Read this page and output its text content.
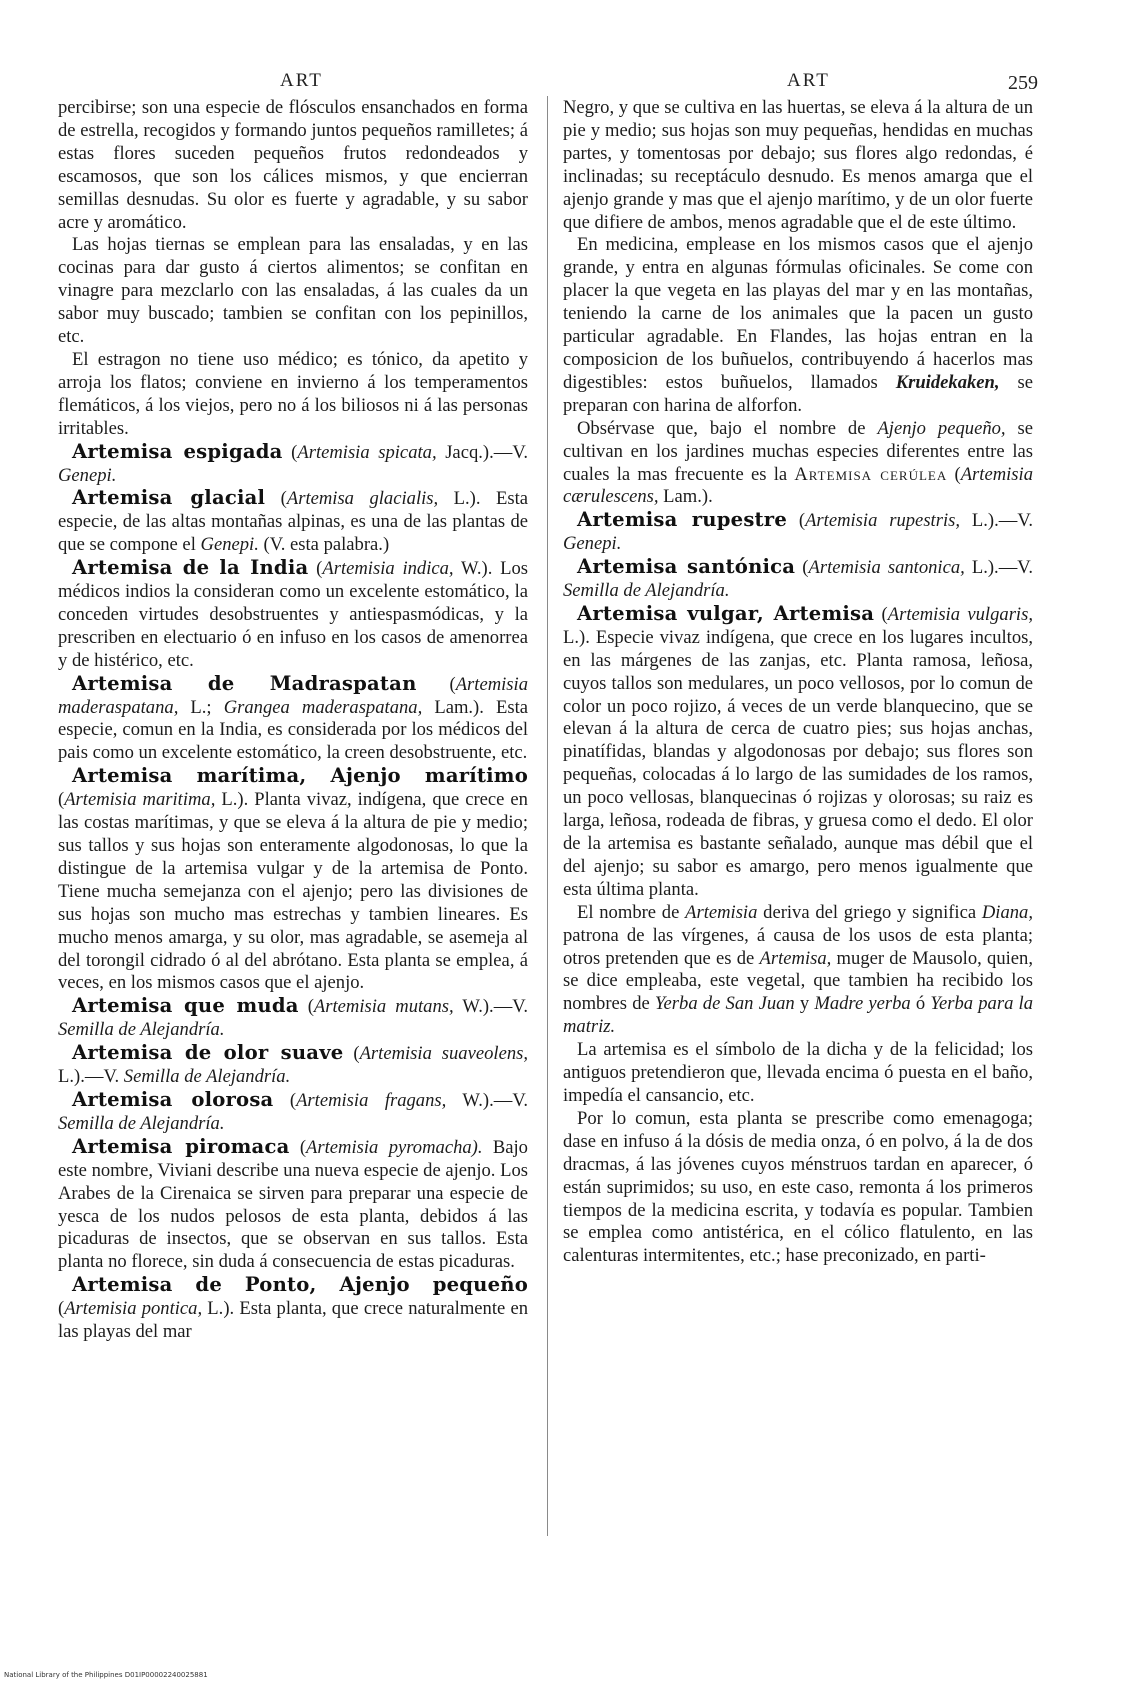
ART	ART	259

percibirse; son una especie de flósculos ensanchados en forma de estrella, recogidos y formando juntos pequeños ramilletes; á estas flores suceden pequeños frutos redondeados y escamosos, que son los cálices mismos, y que encierran semillas desnudas. Su olor es fuerte y agradable, y su sabor acre y aromático.

Las hojas tiernas se emplean para las ensaladas, y en las cocinas para dar gusto á ciertos alimentos; se confitan en vinagre para mezclarlo con las ensaladas, á las cuales da un sabor muy buscado; tambien se confitan con los pepinillos, etc.

El estragon no tiene uso médico; es tónico, da apetito y arroja los flatos; conviene en invierno á los temperamentos flemáticos, á los viejos, pero no á los biliosos ni á las personas irritables.

Artemisa espigada (Artemisia spicata, Jacq.).—V. Genepi.

Artemisa glacial (Artemisa glacialis, L.). Esta especie, de las altas montañas alpinas, es una de las plantas de que se compone el Genepi. (V. esta palabra.)

Artemisa de la India (Artemisia indica, W.). Los médicos indios la consideran como un excelente estomático, la conceden virtudes desobstruentes y antiespasmódicas, y la prescriben en electuario ó en infuso en los casos de amenorrea y de histérico, etc.

Artemisa de Madraspatan (Artemisia maderaspatana, L.; Grangea maderaspatana, Lam.). Esta especie, comun en la India, es considerada por los médicos del pais como un excelente estomático, la creen desobstruente, etc.

Artemisa marítima, Ajenjo marítimo (Artemisia maritima, L.). Planta vivaz, indígena, que crece en las costas marítimas, y que se eleva á la altura de pie y medio; sus tallos y sus hojas son enteramente algodonosas, lo que la distingue de la artemisa vulgar y de la artemisa de Ponto. Tiene mucha semejanza con el ajenjo; pero las divisiones de sus hojas son mucho mas estrechas y tambien lineares. Es mucho menos amarga, y su olor, mas agradable, se asemeja al del torongil cidrado ó al del abrótano. Esta planta se emplea, á veces, en los mismos casos que el ajenjo.

Artemisa que muda (Artemisia mutans, W.).—V. Semilla de Alejandría.

Artemisa de olor suave (Artemisia suaveolens, L.).—V. Semilla de Alejandría.

Artemisa olorosa (Artemisia fragans, W.).—V. Semilla de Alejandría.

Artemisa piromaca (Artemisia pyromacha). Bajo este nombre, Viviani describe una nueva especie de ajenjo. Los Arabes de la Cirenaica se sirven para preparar una especie de yesca de los nudos pelosos de esta planta, debidos á las picaduras de insectos, que se observan en sus tallos. Esta planta no florece, sin duda á consecuencia de estas picaduras.

Artemisa de Ponto, Ajenjo pequeño (Artemisia pontica, L.). Esta planta, que crece naturalmente en las playas del mar

Negro, y que se cultiva en las huertas, se eleva á la altura de un pie y medio; sus hojas son muy pequeñas, hendidas en muchas partes, y tomentosas por debajo; sus flores algo redondas, é inclinadas; su receptáculo desnudo. Es menos amarga que el ajenjo grande y mas que el ajenjo marítimo, y de un olor fuerte que difiere de ambos, menos agradable que el de este último.

En medicina, emplease en los mismos casos que el ajenjo grande, y entra en algunas fórmulas oficinales. Se come con placer la que vegeta en las playas del mar y en las montañas, teniendo la carne de los animales que la pacen un gusto particular agradable. En Flandes, las hojas entran en la composicion de los buñuelos, contribuyendo á hacerlos mas digestibles: estos buñuelos, llamados Kruidekaken, se preparan con harina de alforfon.

Obsérvase que, bajo el nombre de Ajenjo pequeño, se cultivan en los jardines muchas especies diferentes entre las cuales la mas frecuente es la Artemisa cerúlea (Artemisia cærulescens, Lam.).

Artemisa rupestre (Artemisia rupestris, L.).—V. Genepi.

Artemisa santónica (Artemisia santonica, L.).—V. Semilla de Alejandría.

Artemisa vulgar, Artemisa (Artemisia vulgaris, L.). Especie vivaz indígena, que crece en los lugares incultos, en las márgenes de las zanjas, etc. Planta ramosa, leñosa, cuyos tallos son medulares, un poco vellosos, por lo comun de color un poco rojizo, á veces de un verde blanquecino, que se elevan á la altura de cerca de cuatro pies; sus hojas anchas, pinatífidas, blandas y algodonosas por debajo; sus flores son pequeñas, colocadas á lo largo de las sumidades de los ramos, un poco vellosas, blanquecinas ó rojizas y olorosas; su raiz es larga, leñosa, rodeada de fibras, y gruesa como el dedo. El olor de la artemisa es bastante señalado, aunque mas débil que el del ajenjo; su sabor es amargo, pero menos igualmente que esta última planta.

El nombre de Artemisia deriva del griego y significa Diana, patrona de las vírgenes, á causa de los usos de esta planta; otros pretenden que es de Artemisa, muger de Mausolo, quien, se dice empleaba, este vegetal, que tambien ha recibido los nombres de Yerba de San Juan y Madre yerba ó Yerba para la matriz.

La artemisa es el símbolo de la dicha y de la felicidad; los antiguos pretendieron que, llevada encima ó puesta en el baño, impedía el cansancio, etc.

Por lo comun, esta planta se prescribe como emenagoga; dase en infuso á la dósis de media onza, ó en polvo, á la de dos dracmas, á las jóvenes cuyos ménstruos tardan en aparecer, ó están suprimidos; su uso, en este caso, remonta á los primeros tiempos de la medicina escrita, y todavía es popular. Tambien se emplea como antistérica, en el cólico flatulento, en las calenturas intermitentes, etc.; hase preconizado, en parti-

National Library of the Philippines D01IP00002240025881
